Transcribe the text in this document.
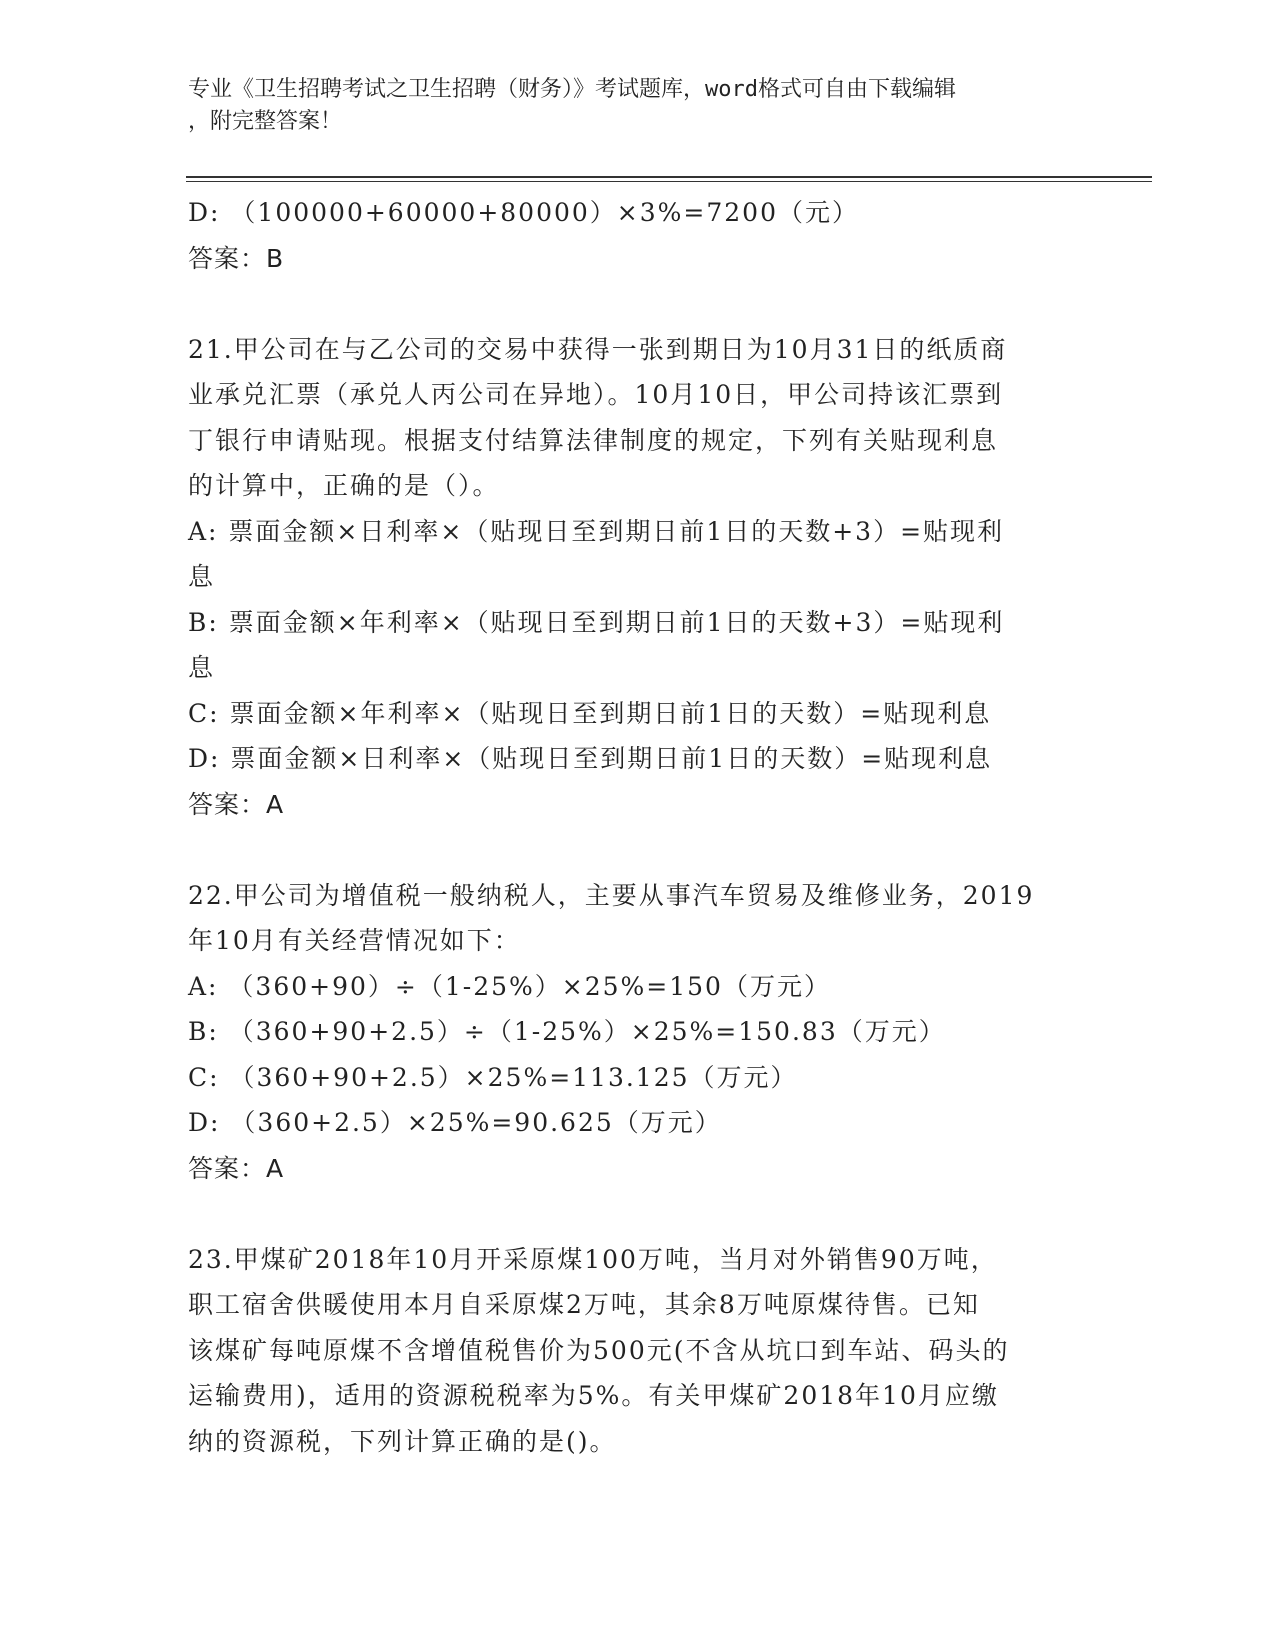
专业《卫生招聘考试之卫生招聘（财务）》考试题库，word格式可自由下载编辑
，附完整答案！
D: （100000+60000+80000）×3%=7200（元）
答案：B
21.甲公司在与乙公司的交易中获得一张到期日为10月31日的纸质商
业承兑汇票（承兑人丙公司在异地）。10月10日，甲公司持该汇票到
丁银行申请贴现。根据支付结算法律制度的规定，下列有关贴现利息
的计算中，正确的是（）。
A: 票面金额×日利率×（贴现日至到期日前1日的天数+3）=贴现利
息
B: 票面金额×年利率×（贴现日至到期日前1日的天数+3）=贴现利
息
C: 票面金额×年利率×（贴现日至到期日前1日的天数）=贴现利息
D: 票面金额×日利率×（贴现日至到期日前1日的天数）=贴现利息
答案：A
22.甲公司为增值税一般纳税人，主要从事汽车贸易及维修业务，2019
年10月有关经营情况如下：
A: （360+90）÷（1-25%）×25%=150（万元）
B: （360+90+2.5）÷（1-25%）×25%=150.83（万元）
C: （360+90+2.5）×25%=113.125（万元）
D: （360+2.5）×25%=90.625（万元）
答案：A
23.甲煤矿2018年10月开采原煤100万吨，当月对外销售90万吨，
职工宿舍供暖使用本月自采原煤2万吨，其余8万吨原煤待售。已知
该煤矿每吨原煤不含增值税售价为500元(不含从坑口到车站、码头的
运输费用)，适用的资源税税率为5%。有关甲煤矿2018年10月应缴
纳的资源税，下列计算正确的是()。
